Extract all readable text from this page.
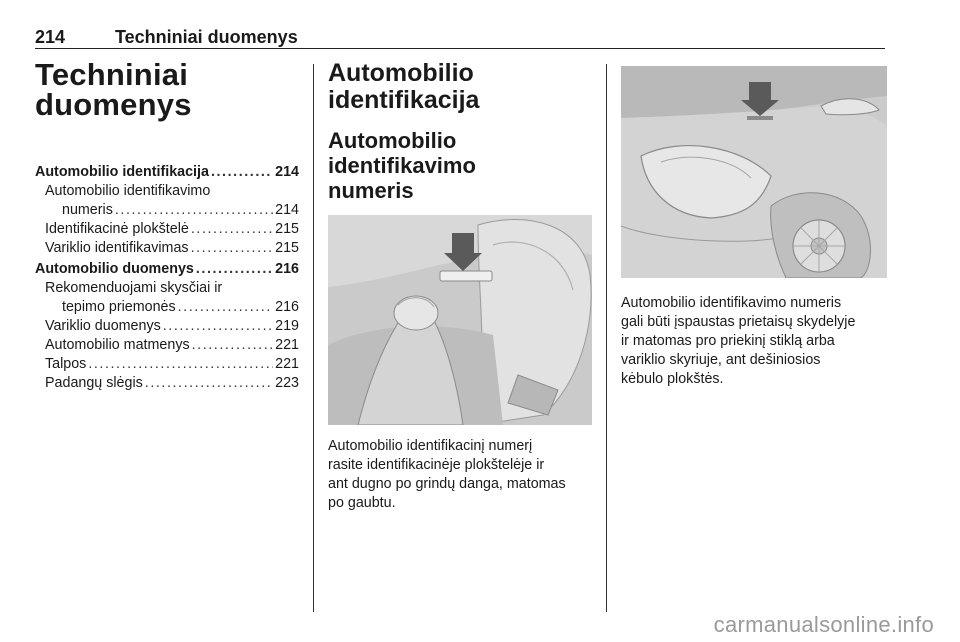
214	Techniniai duomenys
Techniniai
duomenys
Automobilio identifikacija . . .	214
Automobilio identifikavimo
numeris . . .	214
Identifikacinė plokštelė . . .	215
Variklio identifikavimas . . .	215
Automobilio duomenys . . .	216
Rekomenduojami skysčiai ir
tepimo priemonės . . .	216
Variklio duomenys . . .	219
Automobilio matmenys . . .	221
Talpos . . .	221
Padangų slėgis . . .	223
Automobilio
identifikacija
Automobilio identifikavimo
numeris

Automobilio identifikacinį numerį
rasite identifikacinėje plokštelėje ir
ant dugno po grindų danga, matomas
po gaubtu.

Automobilio identifikavimo numeris
gali būti įspaustas prietaisų skydelyje
ir matomas pro priekinį stiklą arba
variklio skyriuje, ant dešiniosios
kėbulo plokštės.

carmanualsonline.info
